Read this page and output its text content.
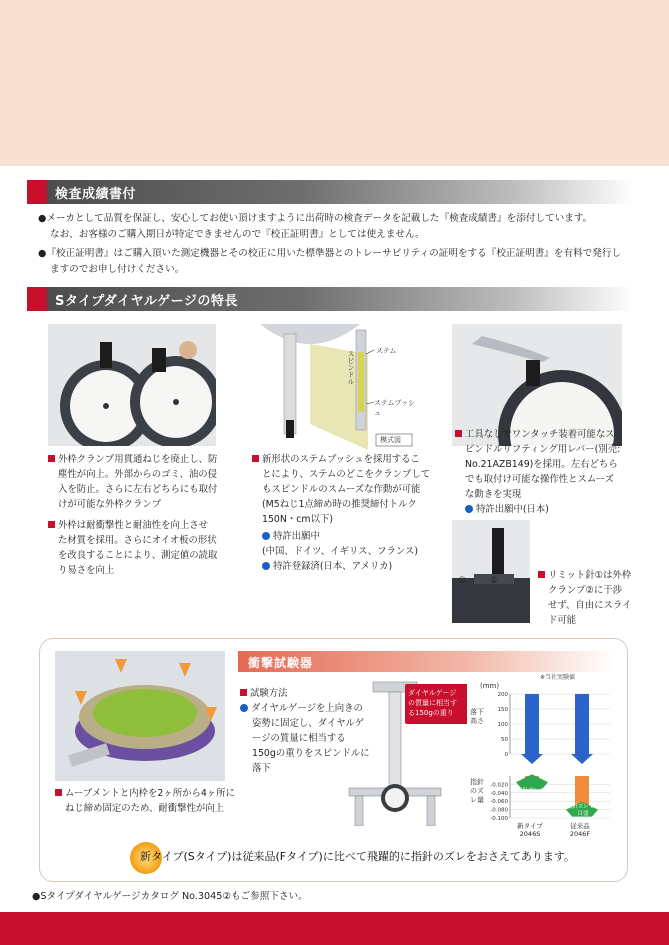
検査成績書付
●メーカとして品質を保証し、安心してお使い頂けますように出荷時の検査データを記載した『検査成績書』を添付しています。
なお、お客様のご購入期日が特定できませんので『校正証明書』としては使えません。
●『校正証明書』はご購入頂いた測定機器とその校正に用いた標準器とのトレーサビリティの証明をする『校正証明書』を有料で発行し
ますのでお申し付けください。
Sタイプダイヤルゲージの特長
外枠クランプ用貫通ねじを廃止し、防
塵性が向上。外部からのゴミ、油の侵
入を防止。さらに左右どちらにも取付
けが可能な外枠クランプ
外枠は耐衝撃性と耐油性を向上させ
た材質を採用。さらにオイオ板の形状
を改良することにより、測定値の読取
り易さを向上
スピンドル	ステム
ステムブッシュ
模式図
新形状のステムブッシュを採用するこ
とにより、ステムのどこをクランプして
もスピンドルのスムーズな作動が可能
(M5ねじ1点締め時の推奨締付トルク
150N・cm以下)
特許出願中
(中国、ドイツ、イギリス、フランス)
特許登録済(日本、アメリカ)
工具なしでワンタッチ装着可能なス
ピンドルリフティング用レバー(別売:
No.21AZB149)を採用。左右どちら
でも取付け可能な操作性とスムーズ
な動きを実現
特許出願中(日本)
①	②	リミット針①は外枠
クランプ②に干渉
せず、自由にスライ
ド可能
衝撃試験器
ムーブメントと内枠を2ヶ所から4ヶ所に
ねじ締め固定のため、耐衝撃性が向上
試験方法
ダイヤルゲージを上向きの
姿勢に固定し、ダイヤルゲ
ージの質量に相当する
150gの重りをスピンドルに
落下
ダイヤルゲージ
の質量に相当す
る150gの重り
※当社実験値
(mm)
落下高さ
指針のズレ量
200
150
100
50
0
-0.020
-0.040
-0.060
-0.080
-0.100
新タイプ 2046S
従来品 2046F
指針ズレ 1.5目盛
指針ズレ 8.0目盛
新タイプ(Sタイプ)は従来品(Fタイプ)に比べて飛躍的に指針のズレをおさえてあります。
●Sタイプダイヤルゲージカタログ No.3045②もご参照下さい。
